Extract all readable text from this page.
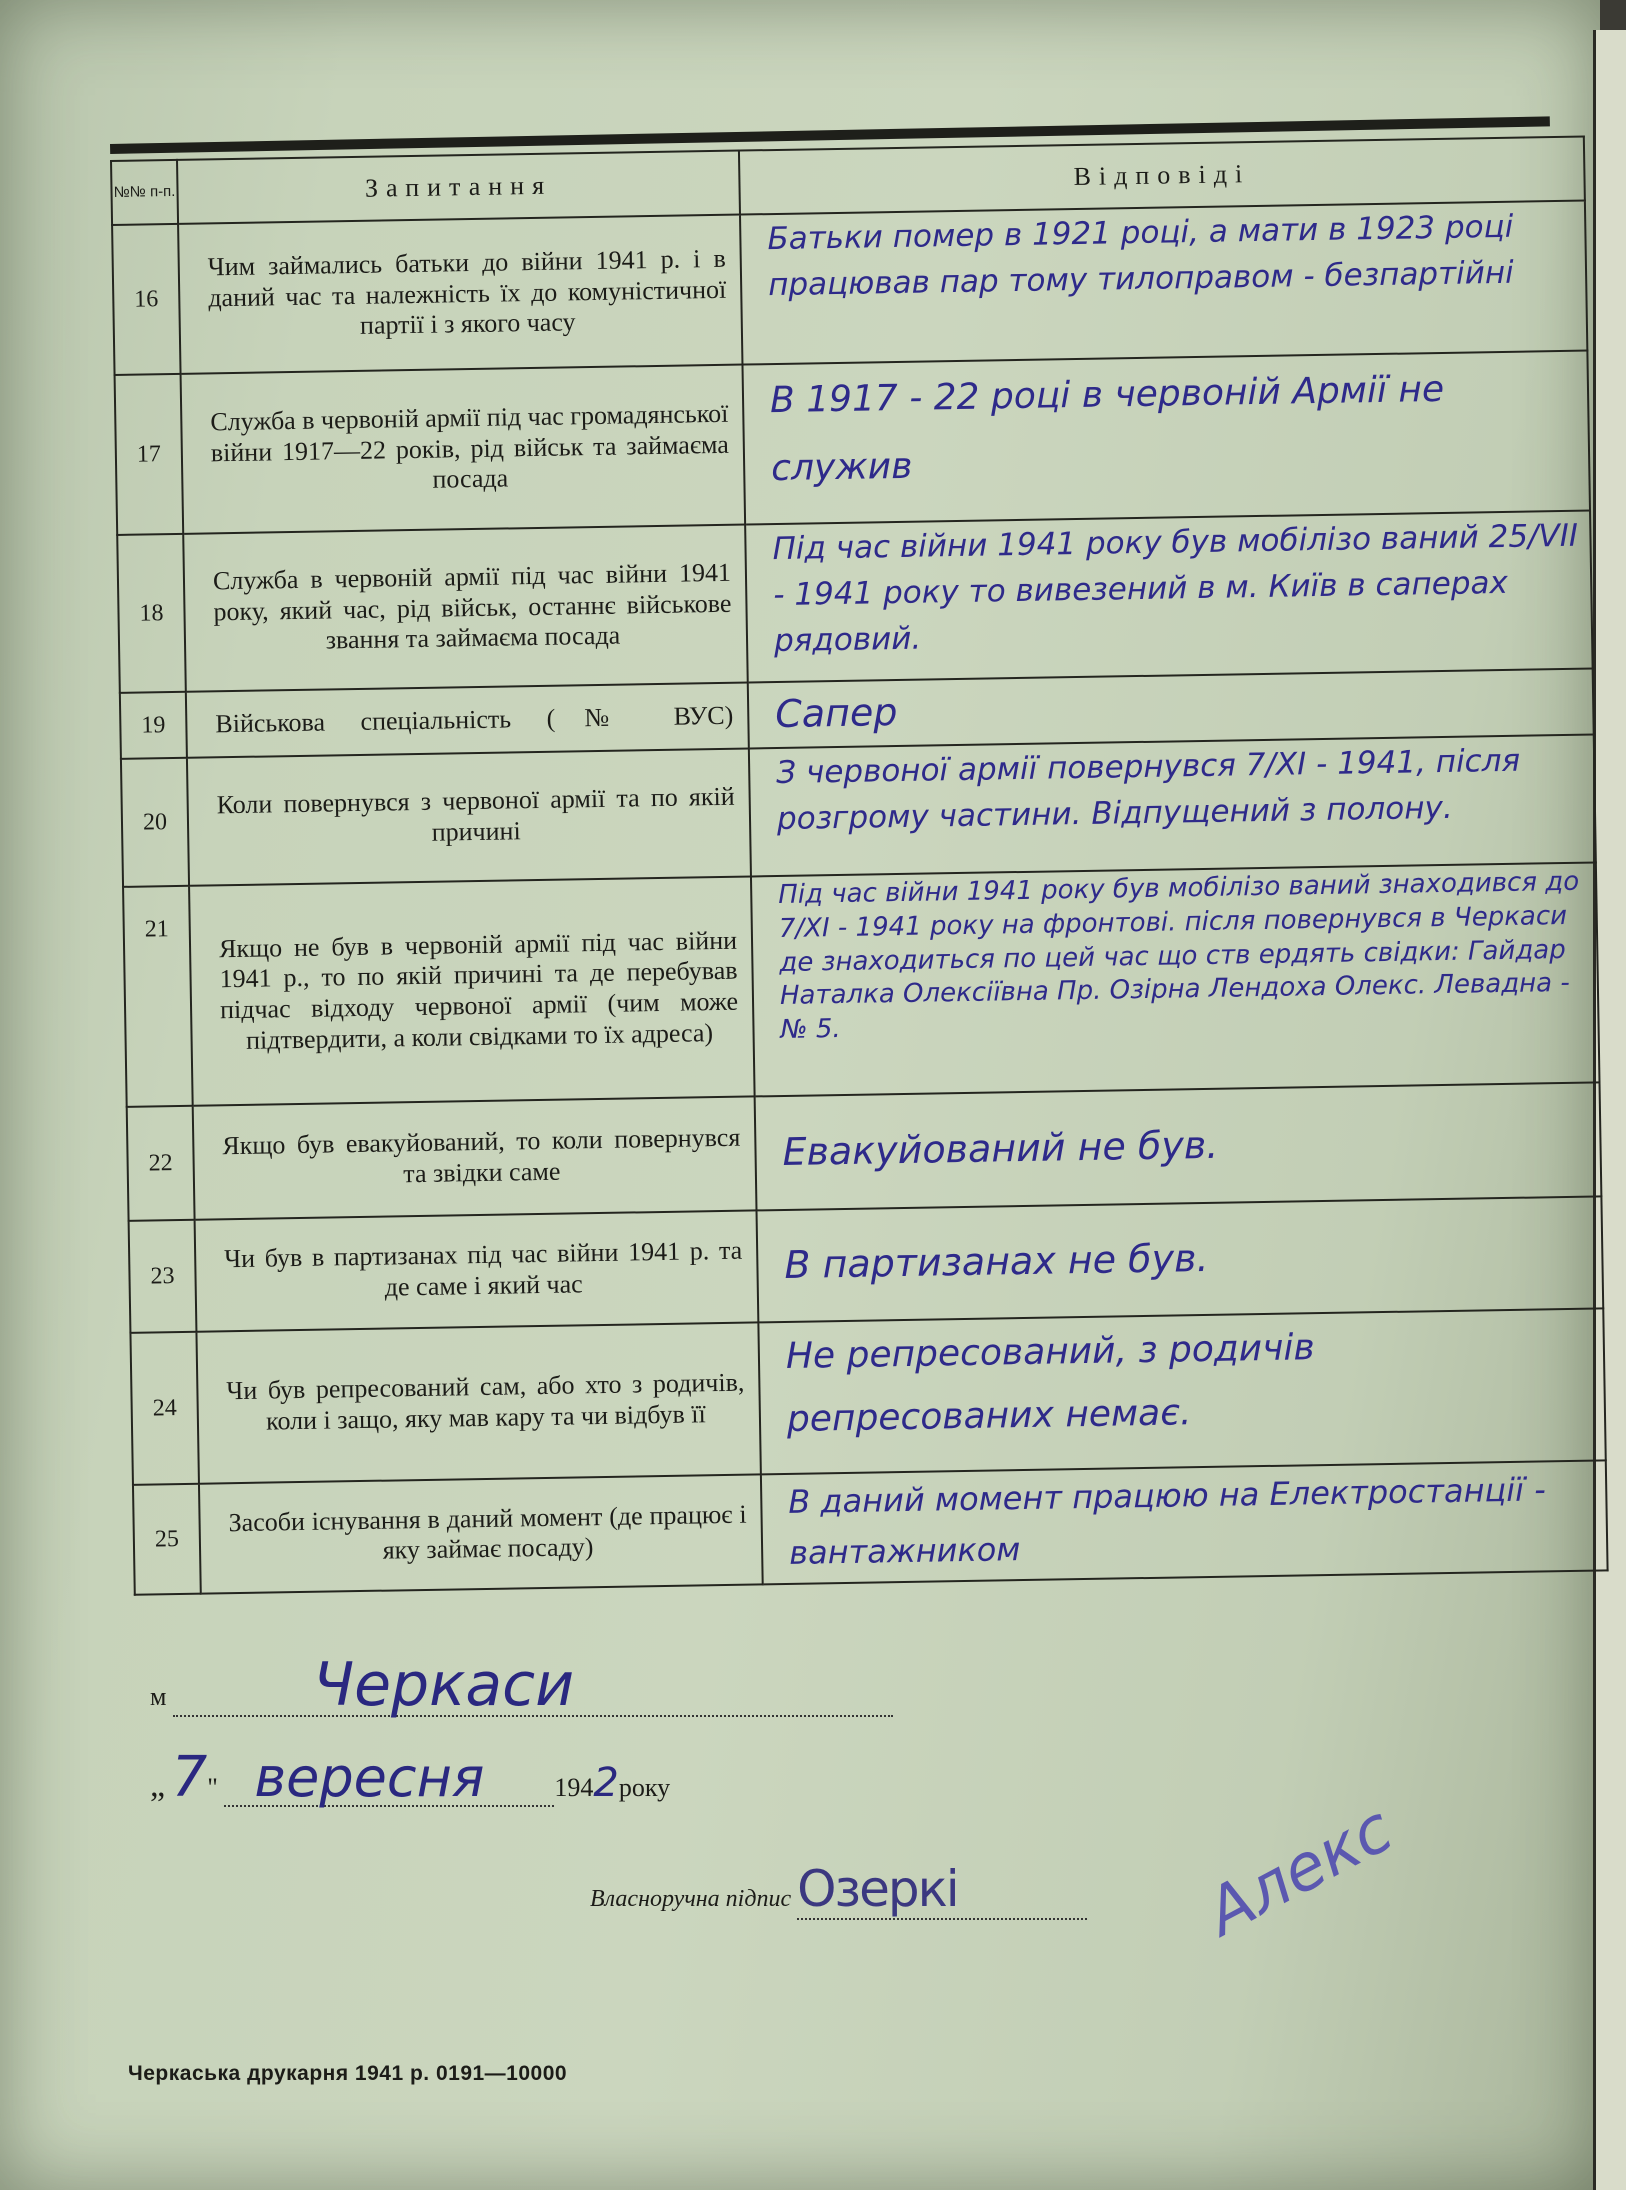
№№ п-п.	Запитання	Відповіді
16	Чим займались батьки до війни 1941 р. і в даний час та належність їх до комуністичної партії і з якого часу	Батьки помер в 1921 році, а мати в 1923 році працював пар тому тилоправом - безпартійні
17	Служба в червоній армії під час громадянської війни 1917—22 років, рід військ та займаєма посада	В 1917 - 22 році в червоній Армії не служив
18	Служба в червоній армії під час війни 1941 року, який час, рід військ, останнє військове звання та займаєма посада	Під час війни 1941 року був мобілізо ваний 25/VII - 1941 року то вивезений в м. Київ в саперах рядовий.
19	Військова спеціальність (№ ВУС)	Сапер
20	Коли повернувся з червоної армії та по якій причині	З червоної армії повернувся 7/XI - 1941, після розгрому частини. Відпущений з полону.
21	Якщо не був в червоній армії під час війни 1941 р., то по якій причині та де перебував підчас відходу червоної армії (чим може підтвердити, а коли свідками то їх адреса)	Під час війни 1941 року був мобілізо ваний знаходився до 7/XI - 1941 року на фронтові. після повернувся в Черкаси де знаходиться по цей час що ств ердять свідки: Гайдар Наталка Олексіївна Пр. Озірна Лендоха Олекс. Левадна - № 5.
22	Якщо був евакуйований, то коли повернувся та звідки саме	Евакуйований не був.
23	Чи був в партизанах під час війни 1941 р. та де саме і який час	В партизанах не був.
24	Чи був репресований сам, або хто з родичів, коли і защо, яку мав кару та чи відбув її	Не репресований, з родичів репресованих немає.
25	Засоби існування в даний момент (де працює і яку займає посаду)	В даний момент працюю на Електростанції - вантажником
м Черкаси
„ 7" вересня	1942року
Власноручна підпис Озеркі	Алекс
Черкаська друкарня 1941 р. 0191—10000
